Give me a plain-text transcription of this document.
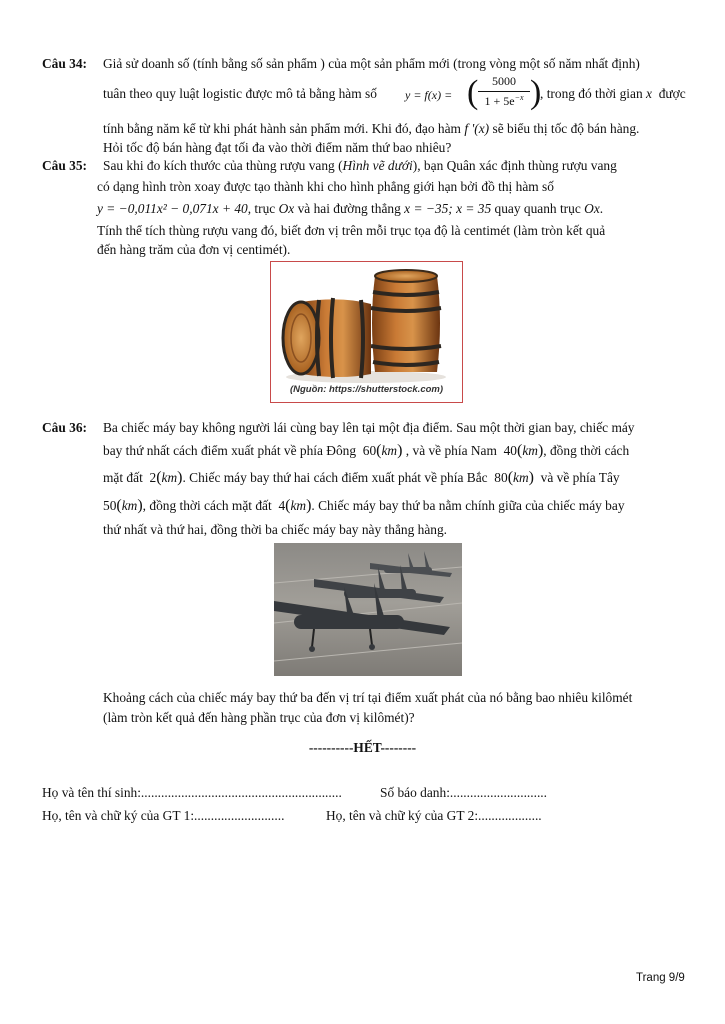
Câu 34: Giả sử doanh số (tính bằng số sản phẩm ) của một sản phẩm mới (trong vòng một số năm nhất định)
tuân theo quy luật logistic được mô tả bằng hàm số y = f(x) = (	5000
$1 + 5e^{-x}$ )
, trong đó thời gian x được
tính bằng năm kể từ khi phát hành sản phẩm mới. Khi đó, đạo hàm f '(x) sẽ biểu thị tốc độ bán hàng.
Hỏi tốc độ bán hàng đạt tối đa vào thời điểm năm thứ bao nhiêu?
Câu 35: Sau khi đo kích thước của thùng rượu vang (Hình vẽ dưới), bạn Quân xác định thùng rượu vang
có dạng hình tròn xoay được tạo thành khi cho hình phẳng giới hạn bởi đồ thị hàm số
y = −0,011x² − 0,071x + 40, trục Ox và hai đường thẳng x = −35; x = 35 quay quanh trục Ox.
Tính thể tích thùng rượu vang đó, biết đơn vị trên mỗi trục tọa độ là centimét (làm tròn kết quả
đến hàng trăm của đơn vị centimét).
(Nguồn: https://shutterstock.com)
Câu 36: Ba chiếc máy bay không người lái cùng bay lên tại một địa điểm. Sau một thời gian bay, chiếc máy
bay thứ nhất cách điểm xuất phát về phía Đông 60(km) , và về phía Nam 40(km), đồng thời cách
mặt đất 2(km). Chiếc máy bay thứ hai cách điểm xuất phát về phía Bắc 80(km) và về phía Tây
50(km), đồng thời cách mặt đất 4(km). Chiếc máy bay thứ ba nằm chính giữa của chiếc máy bay
thứ nhất và thứ hai, đồng thời ba chiếc máy bay này thẳng hàng.
Khoảng cách của chiếc máy bay thứ ba đến vị trí tại điểm xuất phát của nó bằng bao nhiêu kilômét
(làm tròn kết quả đến hàng phần trục của đơn vị kilômét)?
----------HẾT--------
Họ và tên thí sinh:............................................................	Số báo danh:.............................
Họ, tên và chữ ký của GT 1:...........................	Họ, tên và chữ ký của GT 2:...................
Trang 9/9
